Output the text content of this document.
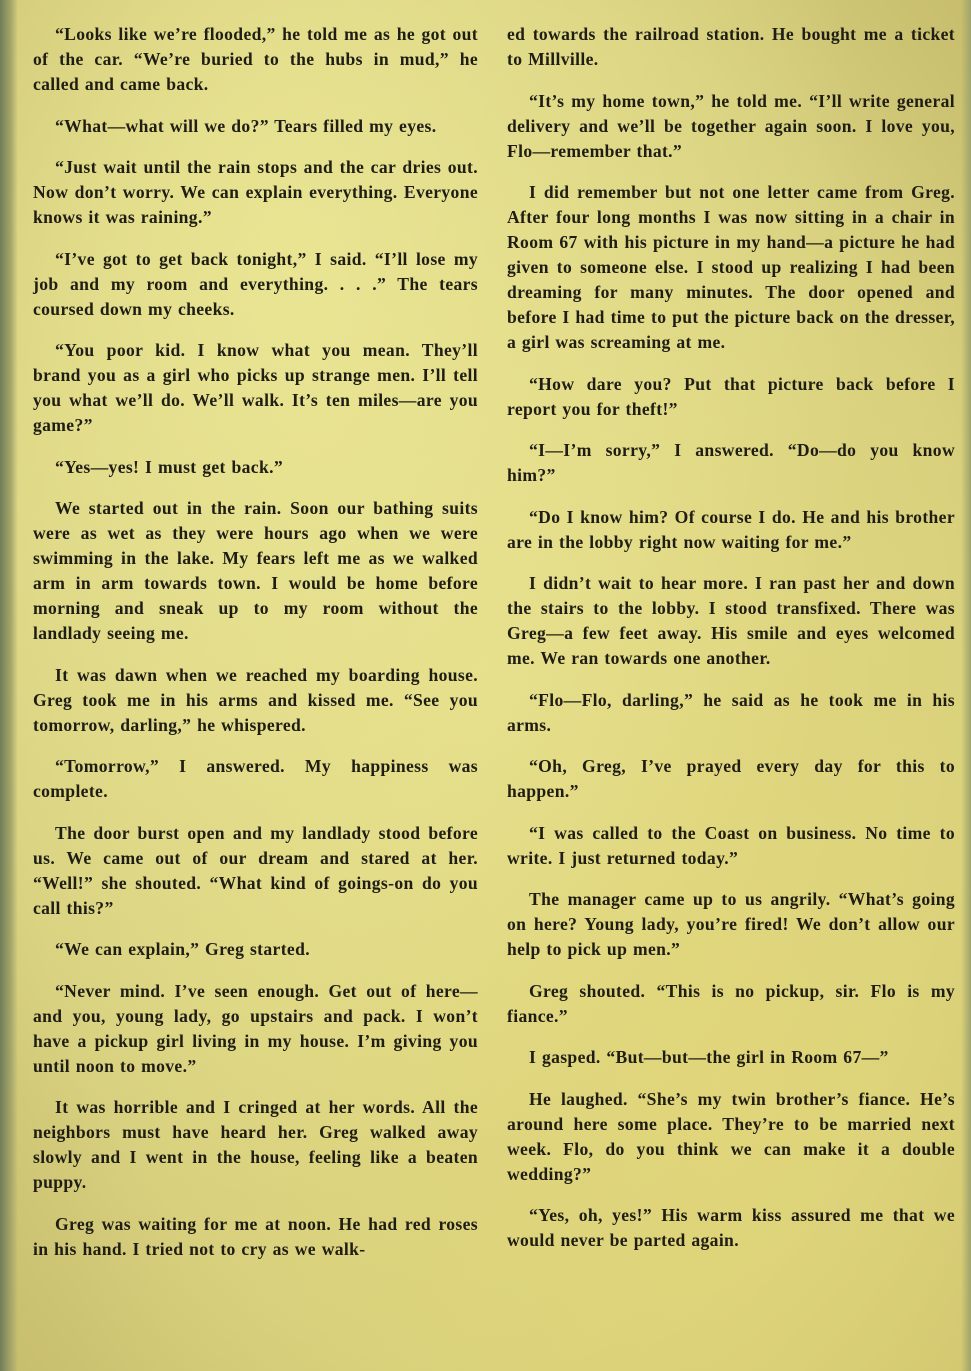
“Looks like we’re flooded,” he told me as he got out of the car. “We’re buried to the hubs in mud,” he called and came back.

“What—what will we do?” Tears filled my eyes.

“Just wait until the rain stops and the car dries out. Now don’t worry. We can explain everything. Everyone knows it was raining.”

“I’ve got to get back tonight,” I said. “I’ll lose my job and my room and everything. . . .” The tears coursed down my cheeks.

“You poor kid. I know what you mean. They’ll brand you as a girl who picks up strange men. I’ll tell you what we’ll do. We’ll walk. It’s ten miles—are you game?”

“Yes—yes! I must get back.”

We started out in the rain. Soon our bathing suits were as wet as they were hours ago when we were swimming in the lake. My fears left me as we walked arm in arm towards town. I would be home before morning and sneak up to my room without the landlady seeing me.

It was dawn when we reached my boarding house. Greg took me in his arms and kissed me. “See you tomorrow, darling,” he whispered.

“Tomorrow,” I answered. My happiness was complete.

The door burst open and my landlady stood before us. We came out of our dream and stared at her. “Well!” she shouted. “What kind of goings-on do you call this?”

“We can explain,” Greg started.

“Never mind. I’ve seen enough. Get out of here—and you, young lady, go upstairs and pack. I won’t have a pickup girl living in my house. I’m giving you until noon to move.”

It was horrible and I cringed at her words. All the neighbors must have heard her. Greg walked away slowly and I went in the house, feeling like a beaten puppy.

Greg was waiting for me at noon. He had red roses in his hand. I tried not to cry as we walk-

ed towards the railroad station. He bought me a ticket to Millville.

“It’s my home town,” he told me. “I’ll write general delivery and we’ll be together again soon. I love you, Flo—remember that.”

I did remember but not one letter came from Greg. After four long months I was now sitting in a chair in Room 67 with his picture in my hand—a picture he had given to someone else. I stood up realizing I had been dreaming for many minutes. The door opened and before I had time to put the picture back on the dresser, a girl was screaming at me.

“How dare you? Put that picture back before I report you for theft!”

“I—I’m sorry,” I answered. “Do—do you know him?”

“Do I know him? Of course I do. He and his brother are in the lobby right now waiting for me.”

I didn’t wait to hear more. I ran past her and down the stairs to the lobby. I stood transfixed. There was Greg—a few feet away. His smile and eyes welcomed me. We ran towards one another.

“Flo—Flo, darling,” he said as he took me in his arms.

“Oh, Greg, I’ve prayed every day for this to happen.”

“I was called to the Coast on business. No time to write. I just returned today.”

The manager came up to us angrily. “What’s going on here? Young lady, you’re fired! We don’t allow our help to pick up men.”

Greg shouted. “This is no pickup, sir. Flo is my fiance.”

I gasped. “But—but—the girl in Room 67—”

He laughed. “She’s my twin brother’s fiance. He’s around here some place. They’re to be married next week. Flo, do you think we can make it a double wedding?”

“Yes, oh, yes!” His warm kiss assured me that we would never be parted again.
